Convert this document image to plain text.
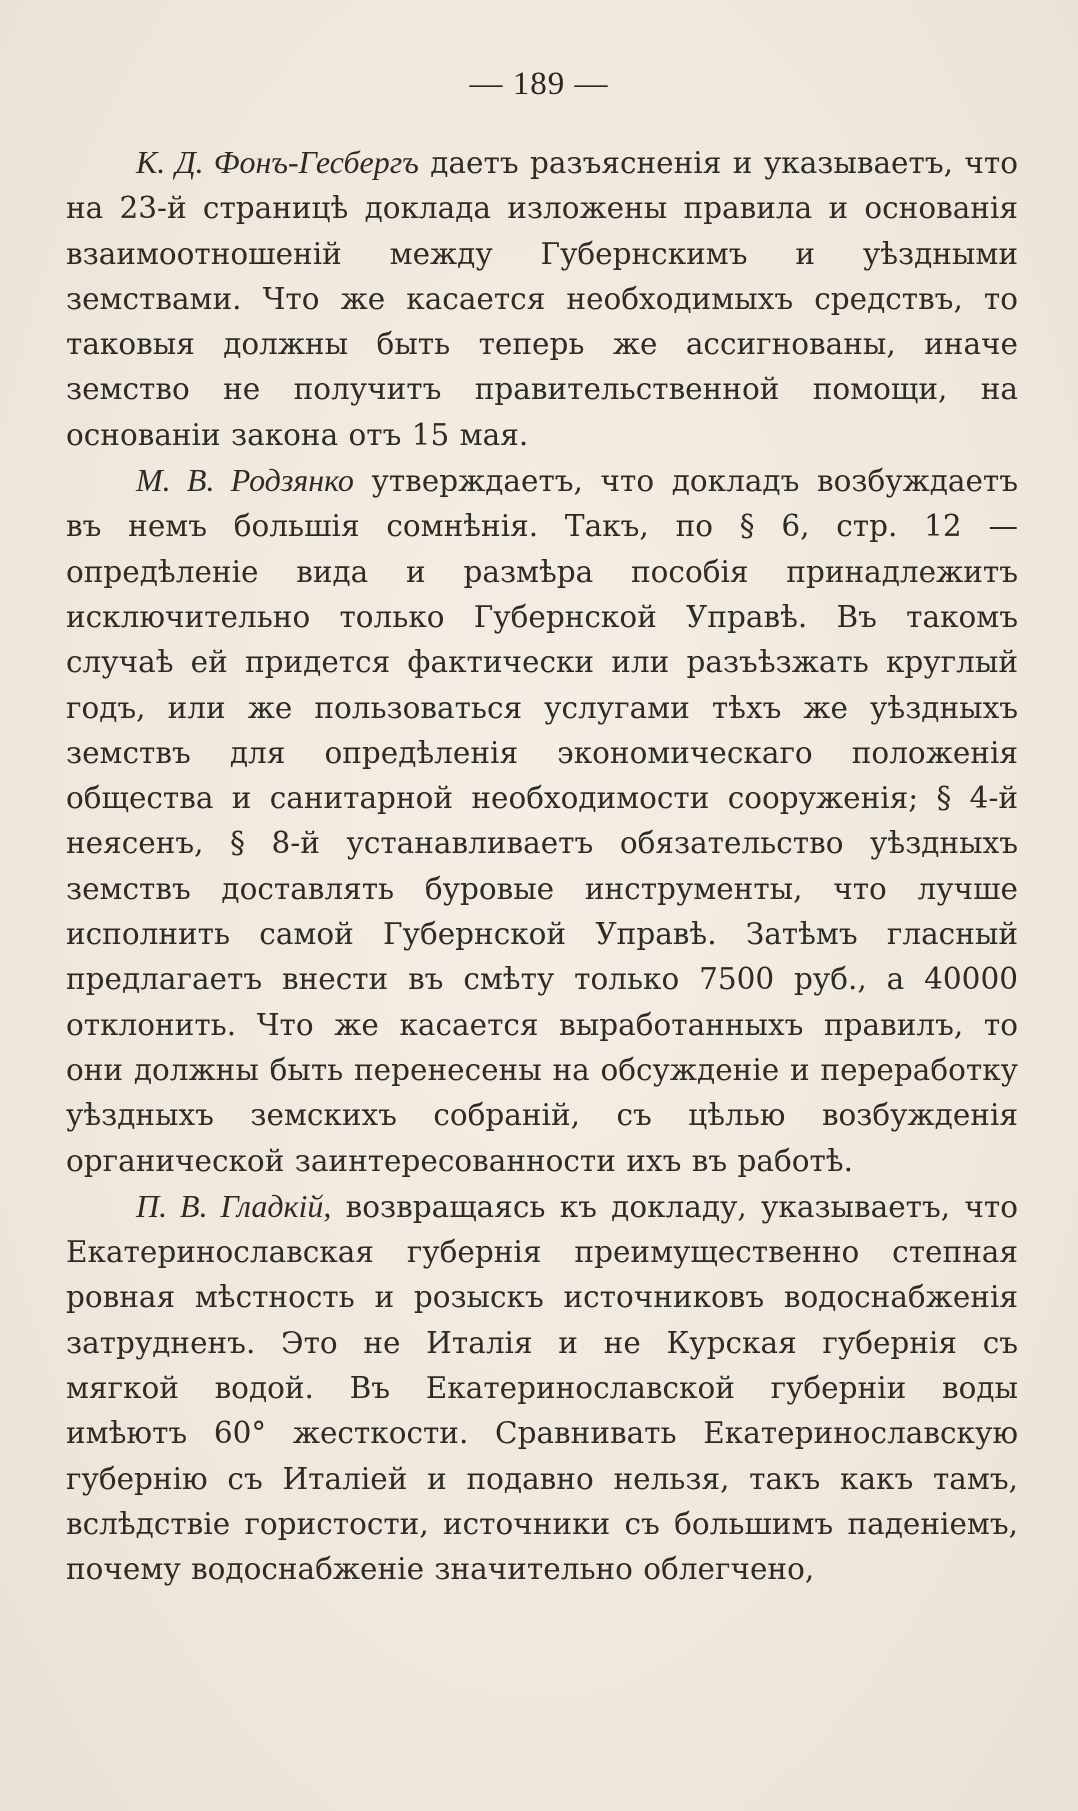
— 189 —

К. Д. Фонъ-Гесбергъ даетъ разъясненія и указываетъ, что на 23-й страницѣ доклада изложены правила и основанія взаимоотношеній между Губернскимъ и уѣздными земствами. Что же касается необходимыхъ средствъ, то таковыя должны быть теперь же ассигнованы, иначе земство не получитъ правительственной помощи, на основаніи закона отъ 15 мая.

М. В. Родзянко утверждаетъ, что докладъ возбуждаетъ въ немъ большія сомнѣнія. Такъ, по § 6, стр. 12 — опредѣленіе вида и размѣра пособія принадлежитъ исключительно только Губернской Управѣ. Въ такомъ случаѣ ей придется фактически или разъѣзжать круглый годъ, или же пользоваться услугами тѣхъ же уѣздныхъ земствъ для опредѣленія экономическаго положенія общества и санитарной необходимости сооруженія; § 4-й неясенъ, § 8-й устанавливаетъ обязательство уѣздныхъ земствъ доставлять буровые инструменты, что лучше исполнить самой Губернской Управѣ. Затѣмъ гласный предлагаетъ внести въ смѣту только 7500 руб., а 40000 отклонить. Что же касается выработанныхъ правилъ, то они должны быть перенесены на обсужденіе и переработку уѣздныхъ земскихъ собраній, съ цѣлью возбужденія органической заинтересованности ихъ въ работѣ.

П. В. Гладкій, возвращаясь къ докладу, указываетъ, что Екатеринославская губернія преимущественно степная ровная мѣстность и розыскъ источниковъ водоснабженія затрудненъ. Это не Италія и не Курская губернія съ мягкой водой. Въ Екатеринославской губерніи воды имѣютъ 60° жесткости. Сравнивать Екатеринославскую губернію съ Италіей и подавно нельзя, такъ какъ тамъ, вслѣдствіе гористости, источники съ большимъ паденіемъ, почему водоснабженіе значительно облегчено,
